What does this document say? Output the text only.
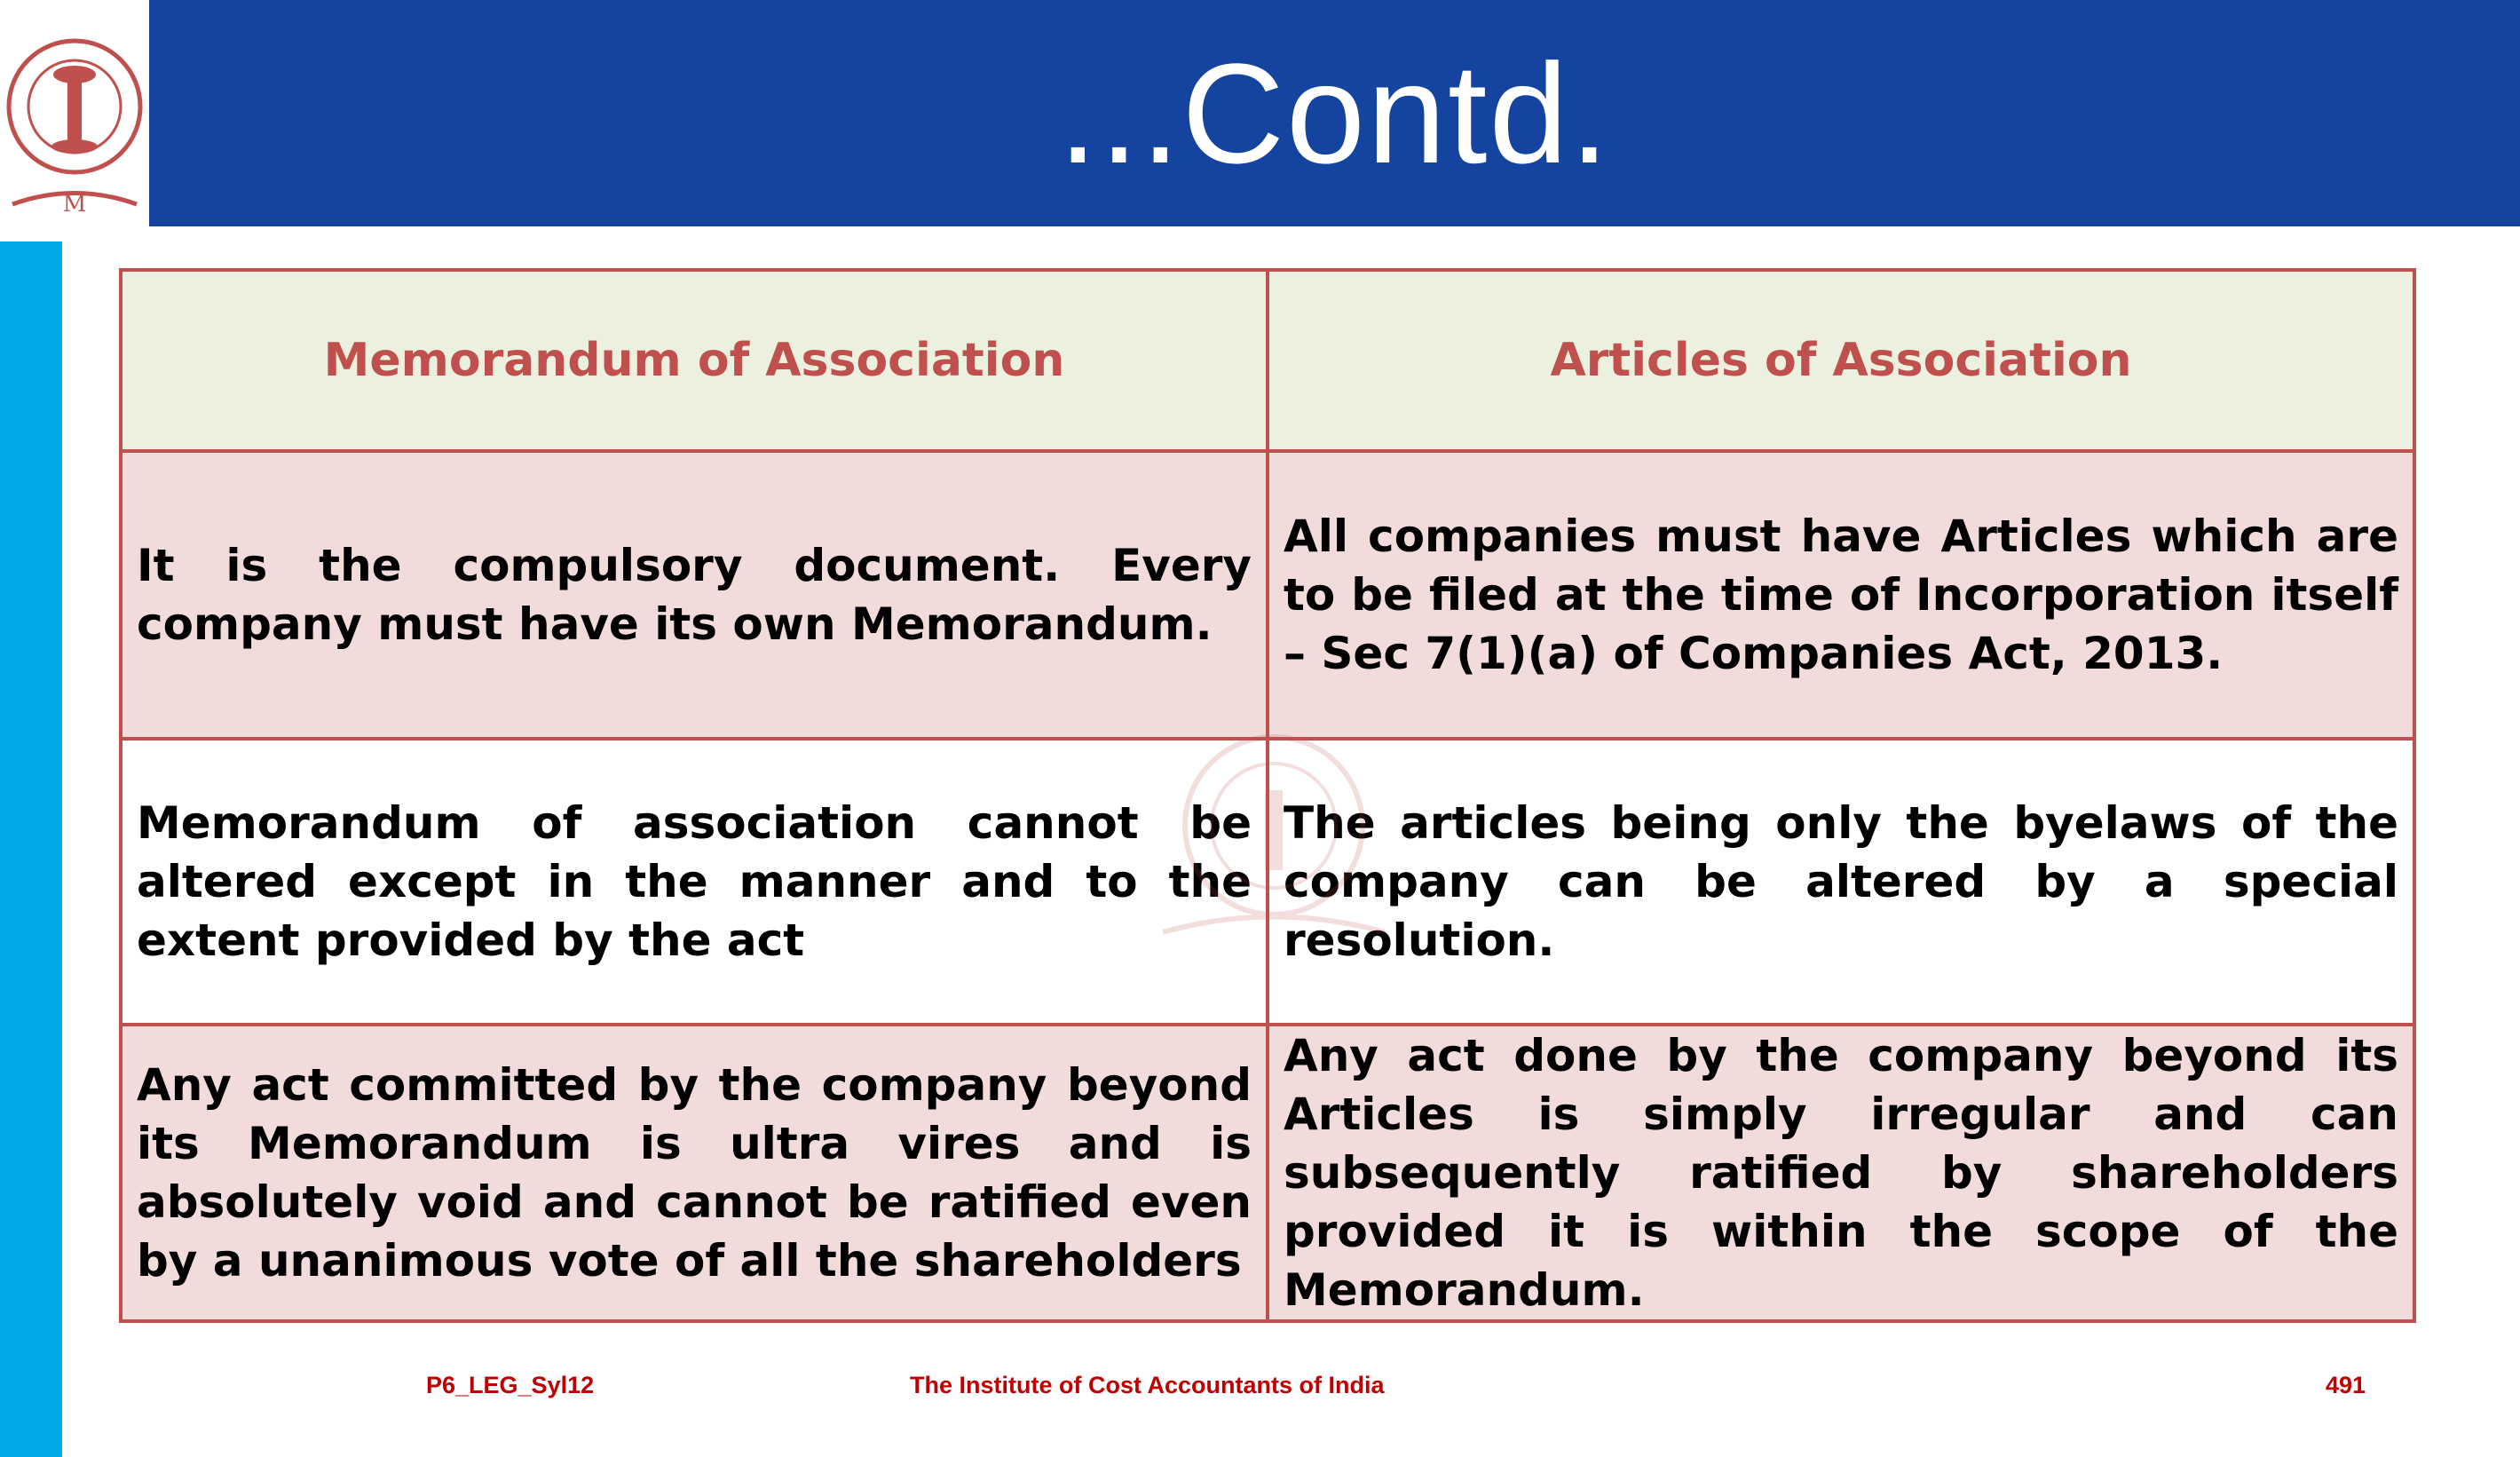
M
...Contd.
Memorandum of Association	Articles of Association
It is the compulsory document. Every company must have its own Memorandum.	All companies must have Articles which are to be filed at the time of Incorporation itself – Sec 7(1)(a) of Companies Act, 2013.
Memorandum of association cannot be altered except in the manner and to the extent provided by the act	The articles being only the byelaws of the company can be altered by a special resolution.
Any act committed by the company beyond its Memorandum is ultra vires and is absolutely void and cannot be ratified even by a unanimous vote of all the shareholders	Any act done by the company beyond its Articles is simply irregular and can subsequently ratified by shareholders provided it is within the scope of the Memorandum.
P6_LEG_Syl12	The Institute of Cost Accountants of India	491
